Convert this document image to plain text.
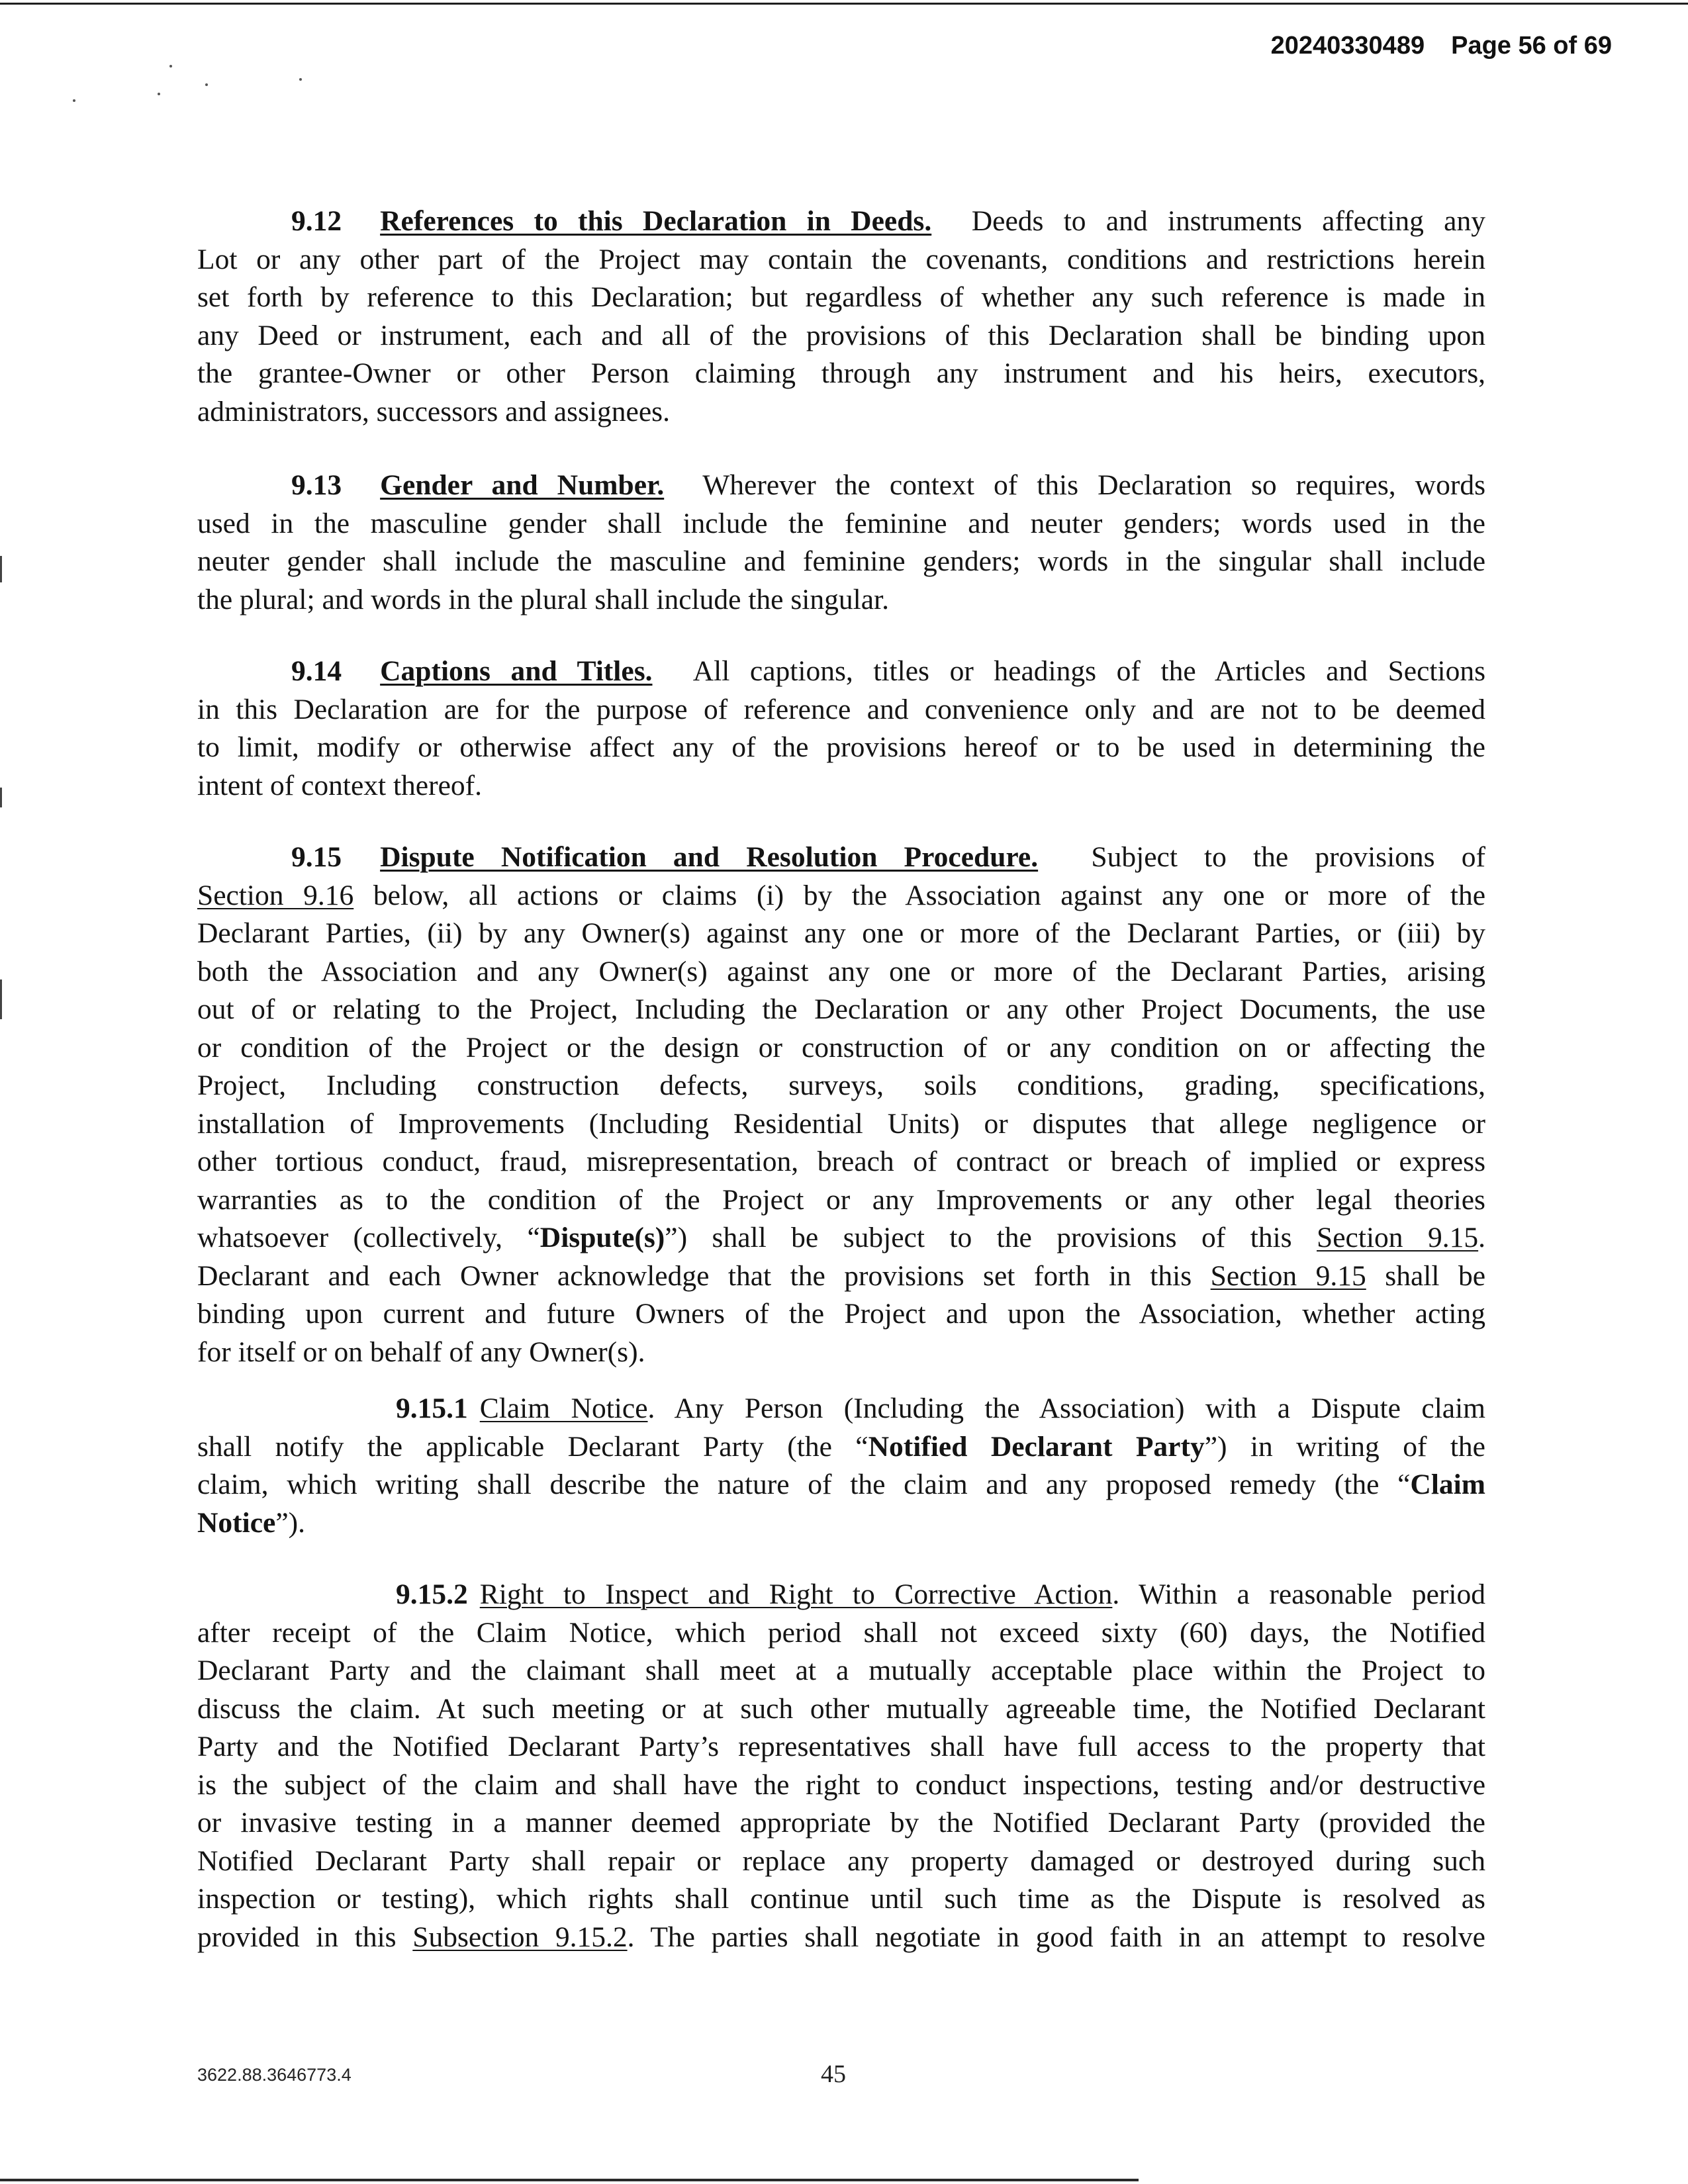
20240330489 Page 56 of 69
9.12 References to this Declaration in Deeds. Deeds to and instruments affecting any
Lot or any other part of the Project may contain the covenants, conditions and restrictions herein
set forth by reference to this Declaration; but regardless of whether any such reference is made in
any Deed or instrument, each and all of the provisions of this Declaration shall be binding upon
the grantee-Owner or other Person claiming through any instrument and his heirs, executors,
administrators, successors and assignees.
9.13 Gender and Number. Wherever the context of this Declaration so requires, words
used in the masculine gender shall include the feminine and neuter genders; words used in the
neuter gender shall include the masculine and feminine genders; words in the singular shall include
the plural; and words in the plural shall include the singular.
9.14 Captions and Titles. All captions, titles or headings of the Articles and Sections
in this Declaration are for the purpose of reference and convenience only and are not to be deemed
to limit, modify or otherwise affect any of the provisions hereof or to be used in determining the
intent of context thereof.
9.15 Dispute Notification and Resolution Procedure. Subject to the provisions of
Section 9.16 below, all actions or claims (i) by the Association against any one or more of the
Declarant Parties, (ii) by any Owner(s) against any one or more of the Declarant Parties, or (iii) by
both the Association and any Owner(s) against any one or more of the Declarant Parties, arising
out of or relating to the Project, Including the Declaration or any other Project Documents, the use
or condition of the Project or the design or construction of or any condition on or affecting the
Project, Including construction defects, surveys, soils conditions, grading, specifications,
installation of Improvements (Including Residential Units) or disputes that allege negligence or
other tortious conduct, fraud, misrepresentation, breach of contract or breach of implied or express
warranties as to the condition of the Project or any Improvements or any other legal theories
whatsoever (collectively, “Dispute(s)”) shall be subject to the provisions of this Section 9.15.
Declarant and each Owner acknowledge that the provisions set forth in this Section 9.15 shall be
binding upon current and future Owners of the Project and upon the Association, whether acting
for itself or on behalf of any Owner(s).
9.15.1 Claim Notice. Any Person (Including the Association) with a Dispute claim
shall notify the applicable Declarant Party (the “Notified Declarant Party”) in writing of the
claim, which writing shall describe the nature of the claim and any proposed remedy (the “Claim
Notice”).
9.15.2 Right to Inspect and Right to Corrective Action. Within a reasonable period
after receipt of the Claim Notice, which period shall not exceed sixty (60) days, the Notified
Declarant Party and the claimant shall meet at a mutually acceptable place within the Project to
discuss the claim. At such meeting or at such other mutually agreeable time, the Notified Declarant
Party and the Notified Declarant Party’s representatives shall have full access to the property that
is the subject of the claim and shall have the right to conduct inspections, testing and/or destructive
or invasive testing in a manner deemed appropriate by the Notified Declarant Party (provided the
Notified Declarant Party shall repair or replace any property damaged or destroyed during such
inspection or testing), which rights shall continue until such time as the Dispute is resolved as
provided in this Subsection 9.15.2. The parties shall negotiate in good faith in an attempt to resolve
3622.88.3646773.4	45
